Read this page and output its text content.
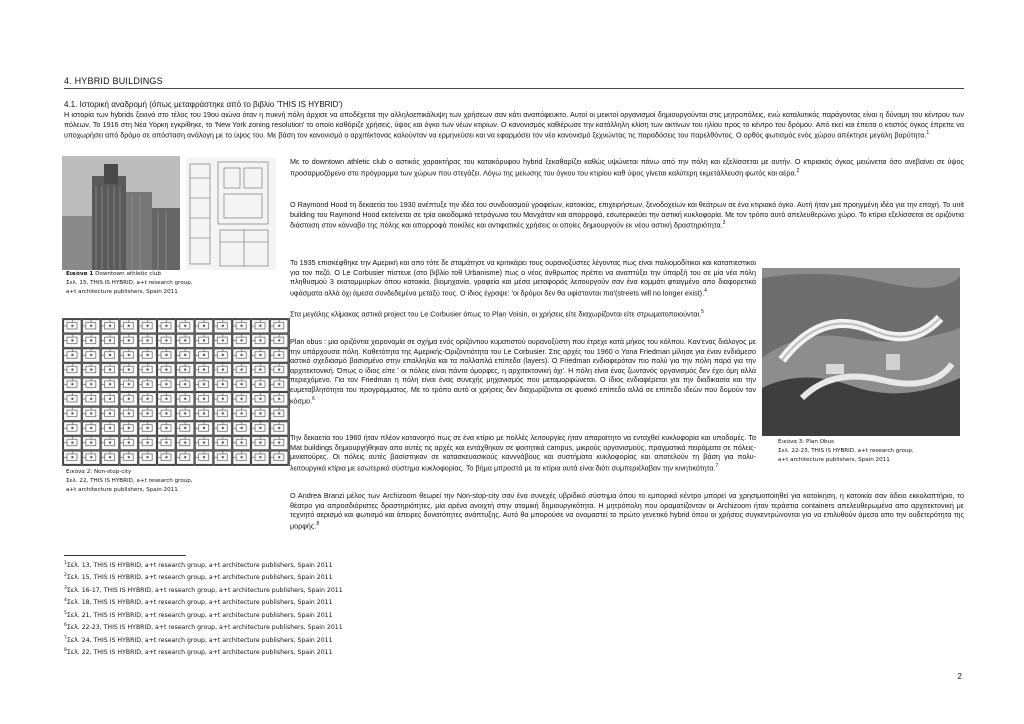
4. HYBRID BUILDINGS
4.1. Ιστορική αναδρομή (όπως μεταφράστηκε από το βιβλίο 'THIS IS HYBRID')
Η ιστορία των hybrids ξεκινά στο τέλος του 19ου αιώνα όταν η πυκνή πόλη άρχισε να αποδέχεται την αλληλοεπικάλυψη των χρήσεων σαν κάτι αναπόφευκτο. Αυτοί οι μεικτοί οργανισμοί δημιουργούνται στις μητροπόλεις, ενώ καταλυτικός παράγοντας είναι η δύναμη του κέντρου των πόλεων. Το 1916 στη Νέα Υόρκη εγκρίθηκε, το 'New York zoning resolution' το οποίο καθόριζε χρήσεις, ύψος και όγκο των νέων κτιρίων. Ο κανονισμός καθιέρωσε την κατάλληλη κλίση των ακτίνων του ηλίου προς το κέντρο του δρόμου. Από εκεί και έπειτα ο κτιστός όγκος έπρεπε να υποχωρήσει από δρόμο σε απόσταση ανάλογη με το ύψος του. Με βάση τον κανονισμό ο αρχιτέκτονας καλούνταν να ερμηνεύσει και να εφαρμόσει τον νέο κανονισμό ξεχνώντας τις παραδόσεις του παρελθόντος. Ο ορθός φωτισμός ενός χώρου απέκτησε μεγάλη βαρύτητα.$^1$
Εικόνα 1 Downtown athletic club
Σελ. 15, THIS IS HYBRID, a+t research group,
a+t architecture publishers, Spain 2011
Εικόνα 2: Non-stop-city
Σελ. 22, THIS IS HYBRID, a+t research group,
a+t architecture publishers, Spain 2011
Με το downtown athletic club ο αστικός χαρακτήρας του κατακόρυφου hybrid ξεκαθαρίζει καθώς υψώνεται πάνω από την πόλη και εξελίσσεται με αυτήν. Ο κτιριακός όγκος μειώνεται όσο ανεβαίνει σε ύψος προσαρμοζόμενο στο πρόγραμμα των χώρων που στεγάζει. Λόγω της μείωσης του όγκου του κτιρίου καθ ύψος γίνεται καλύτερη εκμετάλλευση φωτός και αέρα.$^2$
O Raymond Hood τη δεκαετία του 1930 ανέπτυξε την ιδέα του συνδυασμού γραφείων, κατοικίας, επιχειρήσεων, ξενοδοχείων και θεάτρων σε ένα κτιριακό όγκο. Αυτή ήταν μια προηγμένη ιδέα για την εποχή. To unit building του Raymond Hood εκτείνεται σε τρία οικοδομικά τετράγωνα του Μανχάταν και απορροφά, εσωτερικεύει την αστική κυκλοφορία. Με τον τρόπο αυτό απελευθερώνει χώρο. Το κτίριο εξελίσσεται σε οριζόντια διάσταση στον κάνναβο της πόλης και απορροφά ποικίλες και αντιφατικές χρήσεις οι οποίες δημιουργούν εκ νέου αστική δραστηριότητα.$^3$
Το 1935 επισκέφθηκε την Αμερική και απο τότε δε σταμάτησε να κριτικάρει τους ουρανοξύστες λέγοντας πως είναι παλιομοδίτικοι και καταπιεστικοι για τον πεζό. O Le Corbusier πίστευε (στο βιβλίο τοθ Urbanisme) πως ο νέος άνθρωπος πρέπει να αναπτύξει την ύπαρξή του σε μία νέα πόλη πληθυσμού 3 εκατομμυρίων όπου κατοικία, βιομηχανία, γραφεία και μέσα μεταφοράς λειτουργούν σαν ένα κομμάτι φτιαγμένο απο διαφορετικά υφάσματα αλλά όχι άμεσα συνδεδεμένα μεταξύ τους. Ο ίδιος έγραψε: 'οι δρόμοι δεν θα υφίστανται πια'(streets will no longer exist).$^4$
Στα μεγάλης κλίμακας αστικά project του Le Corbusier όπως το Plan Voisin, οι χρήσεις είτε διαχωρίζονται είτε στρωματοποιούνται.$^5$
Plan obus : μια οριζόντια χειρονομία σε σχήμα ενός οριζόντιου κυματιστού ουρανοξύστη που έτρεχε κατά μήκος του κόλπου. Καν'ενας διάλογος με την υπάρχουσα πόλη. Καθετότητα της Αμερικής-Οριζοντιότητα του Le Corbusier. Στις αρχές του 1960 ο Yona Friedman μίλησε για έναν ενδιάμεσο αστικό σχεδιασμό βασισμένο στην επαλληλία και τα πολλαπλά επίπεδα (layers). O Friedman ενδιαφερόταν πιο πολύ για την πόλη παρά για την αρχιτεκτονική. Όπως ο ίδιος είπε ' οι πόλεις είναι πάντα όμορφες, η αρχιτεκτονική όχι'. Η πόλη είναι ένας ζωντανός οργανισμός δεν έχει όμη αλλά περιεχόμενο. Για τον Friedman η πόλη είναι ένας συνεχής μηχανισμός που μεταμορφώνεται. Ο ίδιος ενδιαφέρεται για την διαδικασία και την ευμεταβλητότητα του προγράμματος. Με το τρόπο αυτό οι χρήσεις δεν διαχωρίζονται σε φυσικό επίπεδο αλλά σε επίπεδο ιδεών που δομούν τον κόσμο.$^6$
Την δεκαετία του 1960 ήταν πλέον κατανοητό πως σε ένα κτίριο με πολλές λειτουργίες ήταν απαραίτητο να ενταχθεί κυκλοφορία και υποδομές. Τα Mat buildings δημιουργήθηκαν απο αυτές τις αρχές και εντάχθηκαν σε φοιτητικά campus, μικρούς οργανισμούς, πραγματικά πειράματα σε πόλεις-μινιατούρες. Οι πόλεις αυτές βασίστηκαν σε κατασκευασικούς κανννάβους και συστήματα κυκλοφορίας και αποτελούν τη βάση για πολυ-λειτουργικά κτίρια με εσωτερικό σύστημα κυκλοφορίας. Το βήμα μπροστά με τα κτίρια αυτά είναι διότι συμπεριέλαβαν την κινητικότητα.$^7$
O Andrea Branzi μέλος των Archizoom θεωρεί την Non-stop-city σαν ένα συνεχές υβριδικό σύστημα όπου το εμπορικό κέντρο μπορεί να χρησιμοποιηθεί για κατοίκηση, η κατοικία σαν άδειο εκκολαπτήριο, το θέατρο για απροσδιόριστες δραστηριότητες, μία αρένα ανοιχτή στην ατομική δημιουργικότητα. Η μητρόπολη που οραματίζονταν οι Archizoom ήταν τεράστια containers απελευθερωμένα απο αρχιτεκτονική με τεχνητό αερισμό και φωτισμό και άπειρες δυνατότητες ανάπτυξης. Αυτό θα μπορούσε να ονομαστεί το πρώτο γενετικό hybrid όπου οι χρήσεις συγκεντρώνονται για να επιλυθούν άμεσα απο την ουδετερότητα της μορφής.$^8$
Εικόνα 3: Plan Obus
Σελ. 22-23, THIS IS HYBRID, a+t research group,
a+t architecture publishers, Spain 2011
$^1$Σελ. 13, THIS IS HYBRID, a+t research group, a+t architecture publishers, Spain 2011
$^2$Σελ. 15, THIS IS HYBRID, a+t research group, a+t architecture publishers, Spain 2011
$^3$Σελ. 16-17, THIS IS HYBRID, a+t research group, a+t architecture publishers, Spain 2011
$^4$Σελ. 18, THIS IS HYBRID, a+t research group, a+t architecture publishers, Spain 2011
$^5$Σελ. 21, THIS IS HYBRID, a+t research group, a+t architecture publishers, Spain 2011
$^6$Σελ. 22-23, THIS IS HYBRID, a+t research group, a+t architecture publishers, Spain 2011
$^7$Σελ. 24, THIS IS HYBRID, a+t research group, a+t architecture publishers, Spain 2011
$^8$Σελ. 22, THIS IS HYBRID, a+t research group, a+t architecture publishers, Spain 2011
2
